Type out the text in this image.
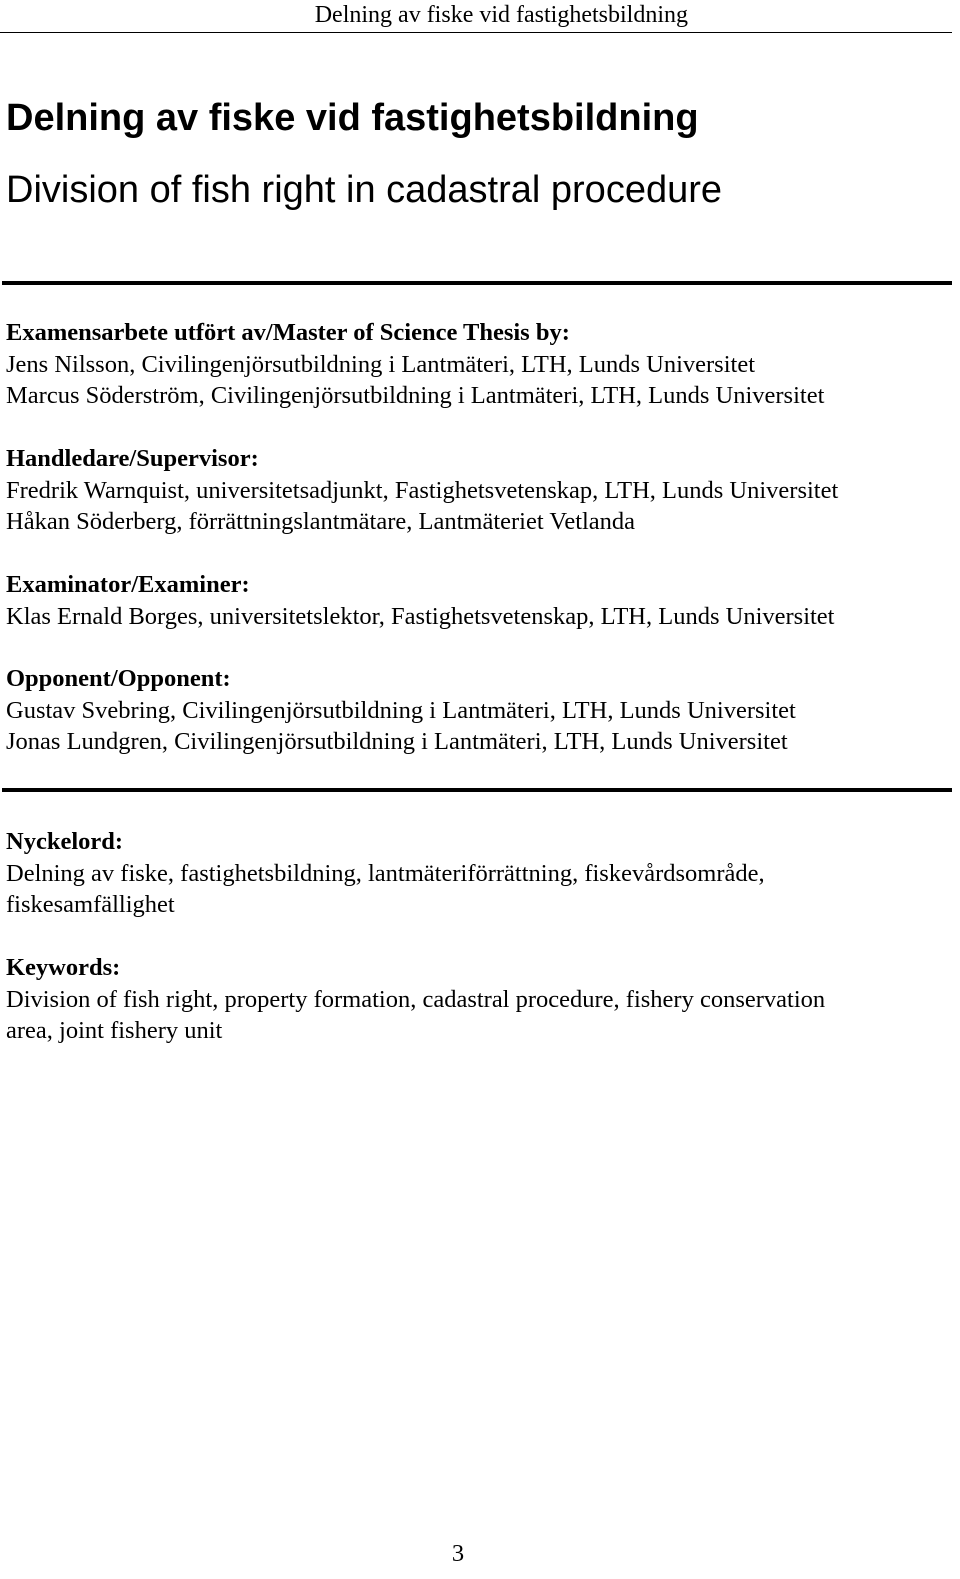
Delning av fiske vid fastighetsbildning
Delning av fiske vid fastighetsbildning
Division of fish right in cadastral procedure

Examensarbete utfört av/Master of Science Thesis by:

Jens Nilsson, Civilingenjörsutbildning i Lantmäteri, LTH, Lunds Universitet

Marcus Söderström, Civilingenjörsutbildning i Lantmäteri, LTH, Lunds Universitet

Handledare/Supervisor:

Fredrik Warnquist, universitetsadjunkt, Fastighetsvetenskap, LTH, Lunds Universitet

Håkan Söderberg, förrättningslantmätare, Lantmäteriet Vetlanda

Examinator/Examiner:

Klas Ernald Borges, universitetslektor, Fastighetsvetenskap, LTH, Lunds Universitet

Opponent/Opponent:

Gustav Svebring, Civilingenjörsutbildning i Lantmäteri, LTH, Lunds Universitet

Jonas Lundgren, Civilingenjörsutbildning i Lantmäteri, LTH, Lunds Universitet

Nyckelord:

Delning av fiske, fastighetsbildning, lantmäteriförrättning, fiskevårdsområde,

fiskesamfällighet

Keywords:

Division of fish right, property formation, cadastral procedure, fishery conservation

area, joint fishery unit

3
